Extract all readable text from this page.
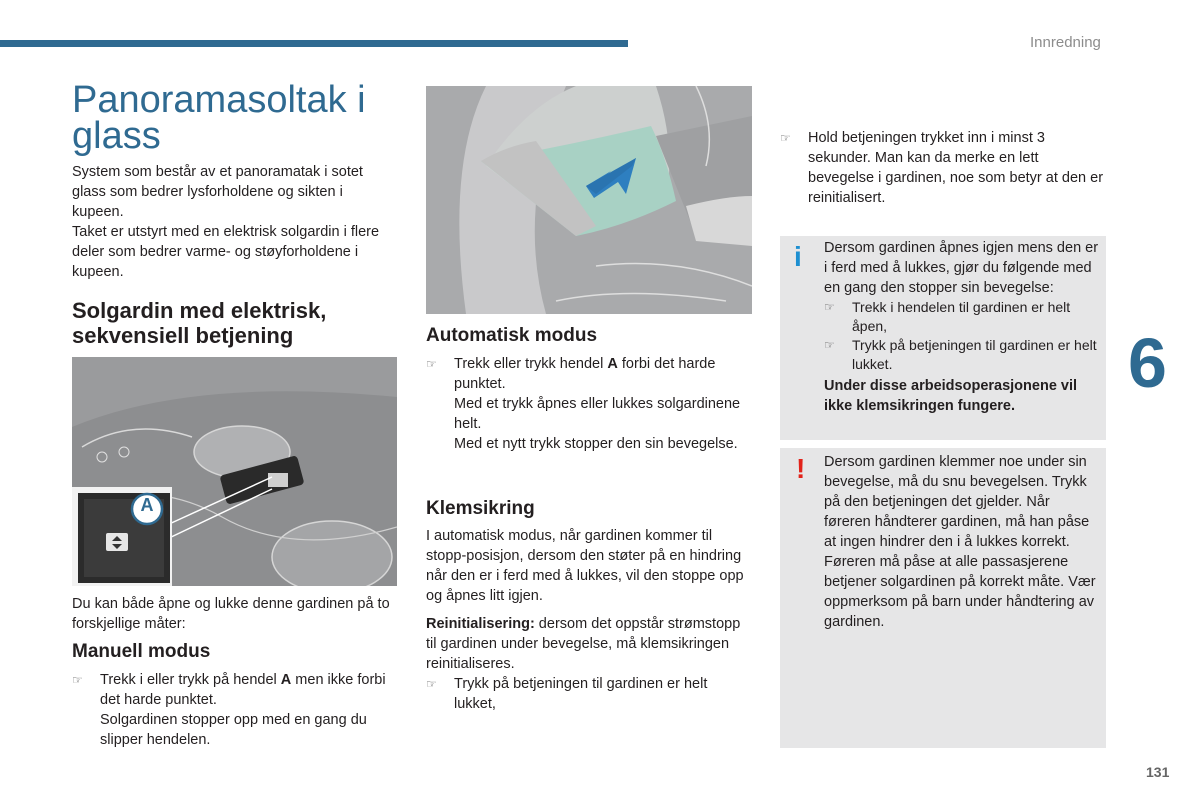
Innredning
6
131
Panoramasoltak i glass

System som består av et panoramatak i sotet glass som bedrer lysforholdene og sikten i kupeen.

Taket er utstyrt med en elektrisk solgardin i flere deler som bedrer varme- og støyforholdene i kupeen.

Solgardin med elektrisk, sekvensiell betjening
A

Du kan både åpne og lukke denne gardinen på to forskjellige måter:

Manuell modus
☞ Trekk i eller trykk på hendel A men ikke forbi det harde punktet.

Solgardinen stopper opp med en gang du slipper hendelen.

Automatisk modus
☞ Trekk eller trykk hendel A forbi det harde punktet.

Med et trykk åpnes eller lukkes solgardinene helt.

Med et nytt trykk stopper den sin bevegelse.

Klemsikring

I automatisk modus, når gardinen kommer til stopp-posisjon, dersom den støter på en hindring når den er i ferd med å lukkes, vil den stoppe opp og åpnes litt igjen.

Reinitialisering: dersom det oppstår strømstopp til gardinen under bevegelse, må klemsikringen reinitialiseres.

☞ Trykk på betjeningen til gardinen er helt lukket,
☞ Hold betjeningen trykket inn i minst 3 sekunder. Man kan da merke en lett bevegelse i gardinen, noe som betyr at den er reinitialisert.
i Dersom gardinen åpnes igjen mens den er i ferd med å lukkes, gjør du følgende med en gang den stopper sin bevegelse:

☞ Trekk i hendelen til gardinen er helt åpen,
☞ Trykk på betjeningen til gardinen er helt lukket.

Under disse arbeidsoperasjonene vil ikke klemsikringen fungere.

! Dersom gardinen klemmer noe under sin bevegelse, må du snu bevegelsen. Trykk på den betjeningen det gjelder. Når føreren håndterer gardinen, må han påse at ingen hindrer den i å lukkes korrekt.

Føreren må påse at alle passasjerene betjener solgardinen på korrekt måte. Vær oppmerksom på barn under håndtering av gardinen.
